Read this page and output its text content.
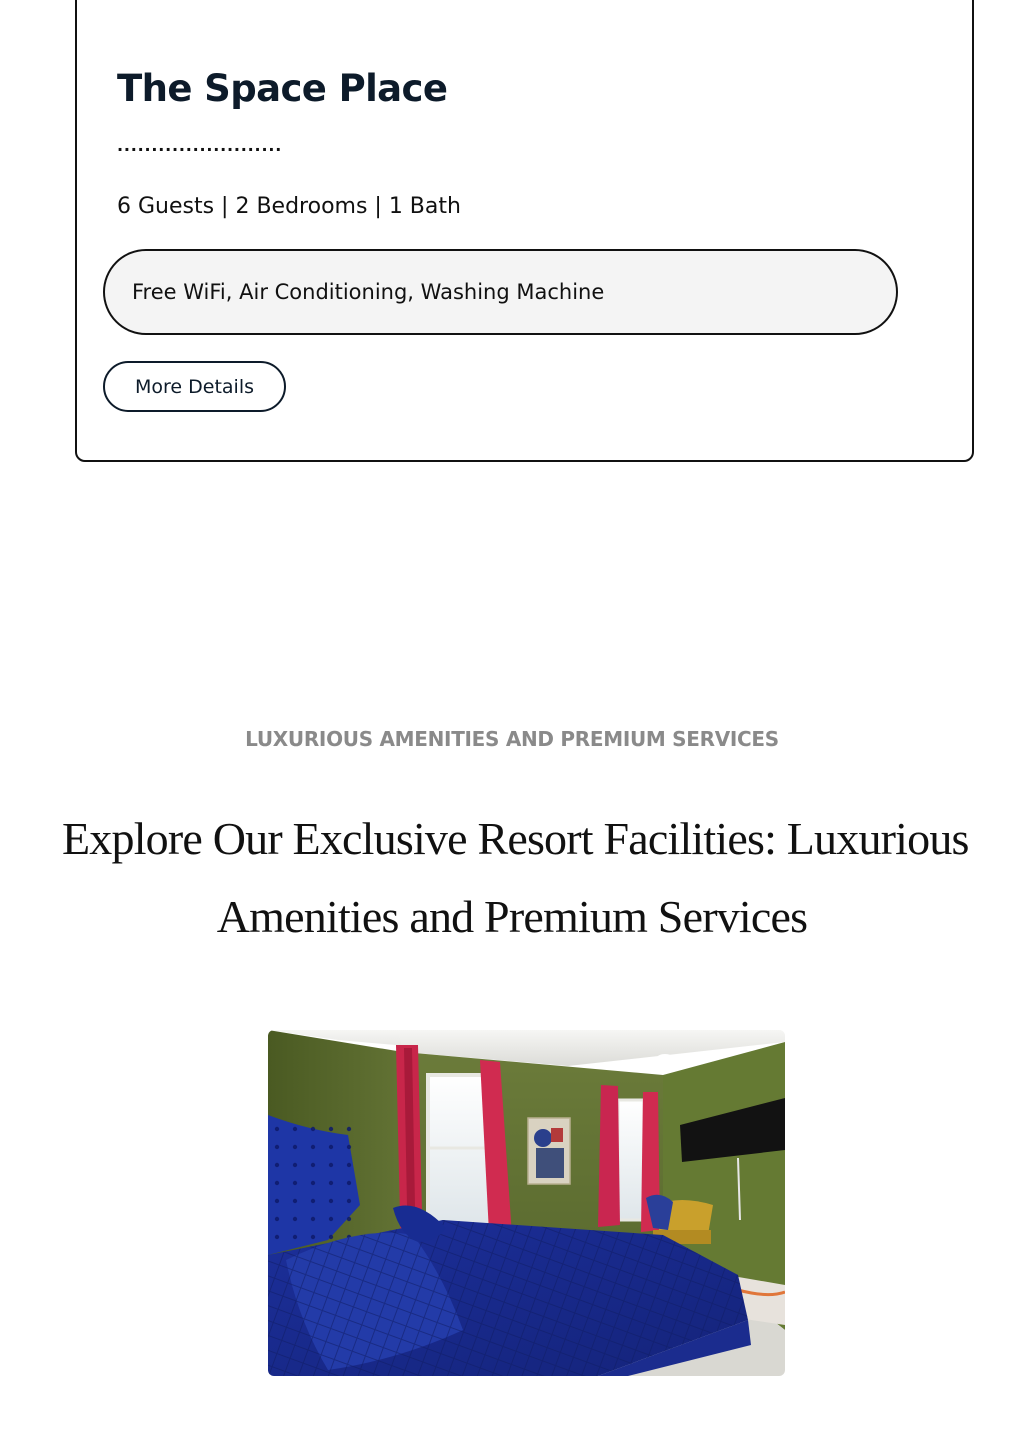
The Space Place
........................
6 Guests | 2 Bedrooms | 1 Bath
Free WiFi, Air Conditioning, Washing Machine
More Details

LUXURIOUS AMENITIES AND PREMIUM SERVICES

Explore Our Exclusive Resort Facilities: Luxurious
Amenities and Premium Services
